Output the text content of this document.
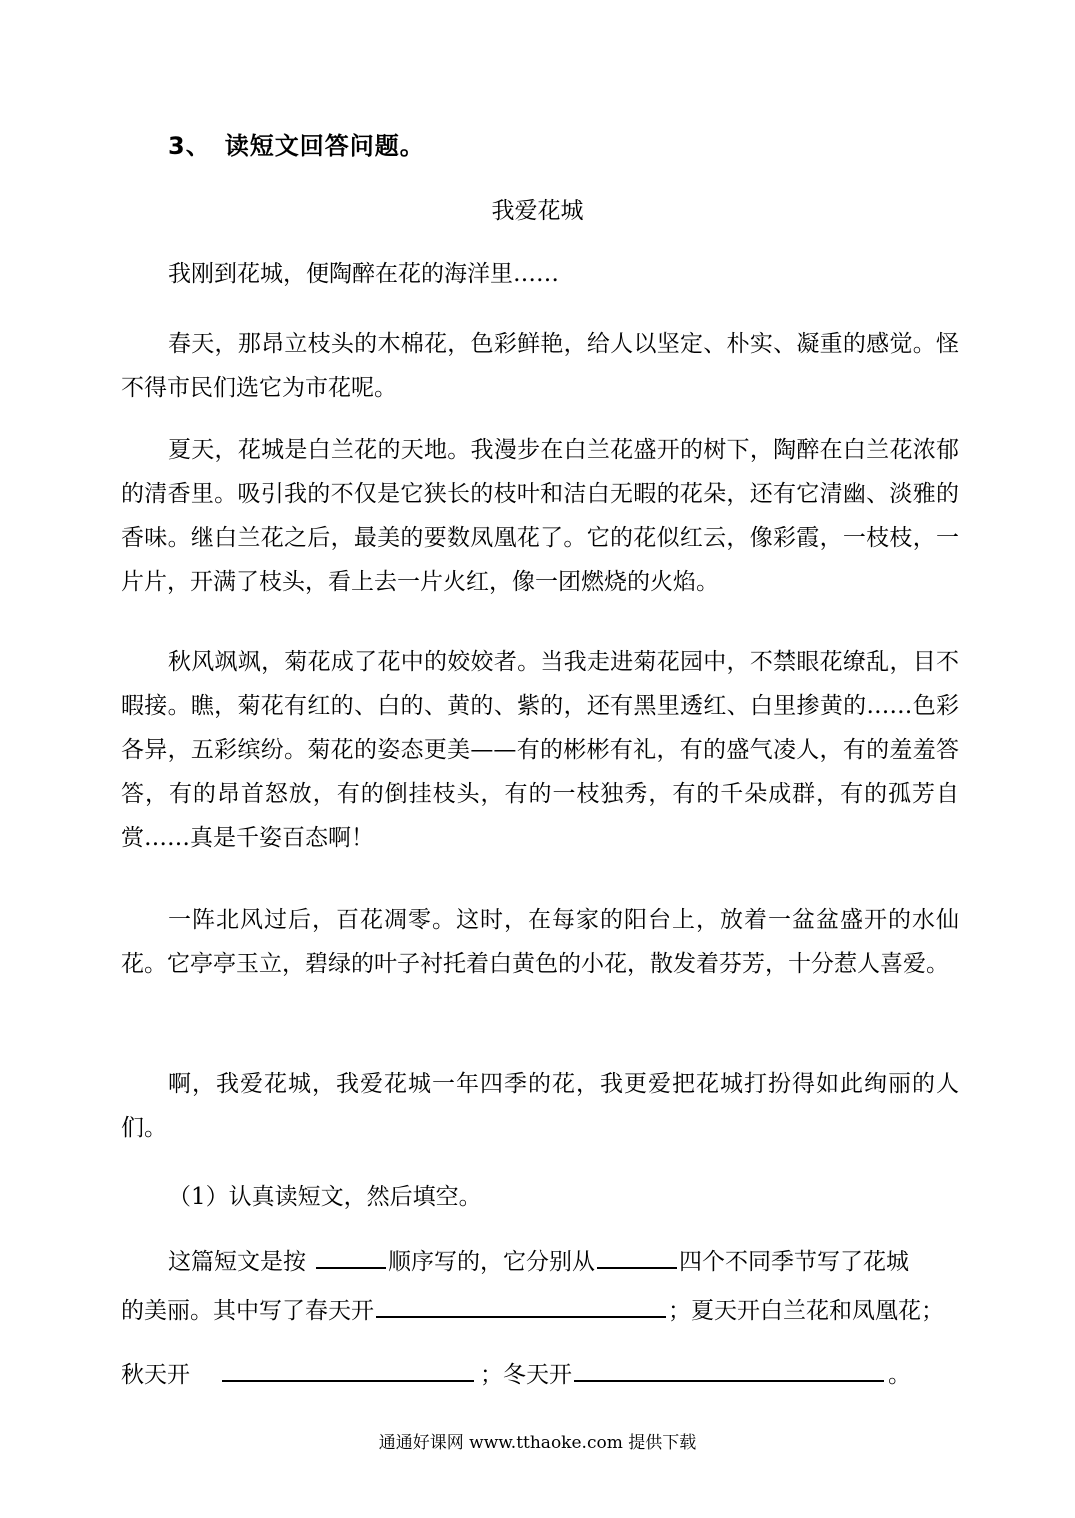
3、 读短文回答问题。
我爱花城

我刚到花城，便陶醉在花的海洋里……

春天，那昂立枝头的木棉花，色彩鲜艳，给人以坚定、朴实、凝重的感觉。怪不得市民们选它为市花呢。

夏天，花城是白兰花的天地。我漫步在白兰花盛开的树下，陶醉在白兰花浓郁的清香里。吸引我的不仅是它狭长的枝叶和洁白无暇的花朵，还有它清幽、淡雅的香味。继白兰花之后，最美的要数凤凰花了。它的花似红云，像彩霞，一枝枝，一片片，开满了枝头，看上去一片火红，像一团燃烧的火焰。

秋风飒飒，菊花成了花中的姣姣者。当我走进菊花园中，不禁眼花缭乱，目不暇接。瞧，菊花有红的、白的、黄的、紫的，还有黑里透红、白里掺黄的……色彩各异，五彩缤纷。菊花的姿态更美——有的彬彬有礼，有的盛气凌人，有的羞羞答答，有的昂首怒放，有的倒挂枝头，有的一枝独秀，有的千朵成群，有的孤芳自赏……真是千姿百态啊！

一阵北风过后，百花凋零。这时，在每家的阳台上，放着一盆盆盛开的水仙花。它亭亭玉立，碧绿的叶子衬托着白黄色的小花，散发着芬芳，十分惹人喜爱。

啊，我爱花城，我爱花城一年四季的花，我更爱把花城打扮得如此绚丽的人们。

（1）认真读短文，然后填空。
这篇短文是按	顺序写的，它分别从	四个不同季节写了花城
的美丽。其中写了春天开	；夏天开白兰花和凤凰花；
秋天开	；冬天开	。
通通好课网 www.tthaoke.com 提供下载
